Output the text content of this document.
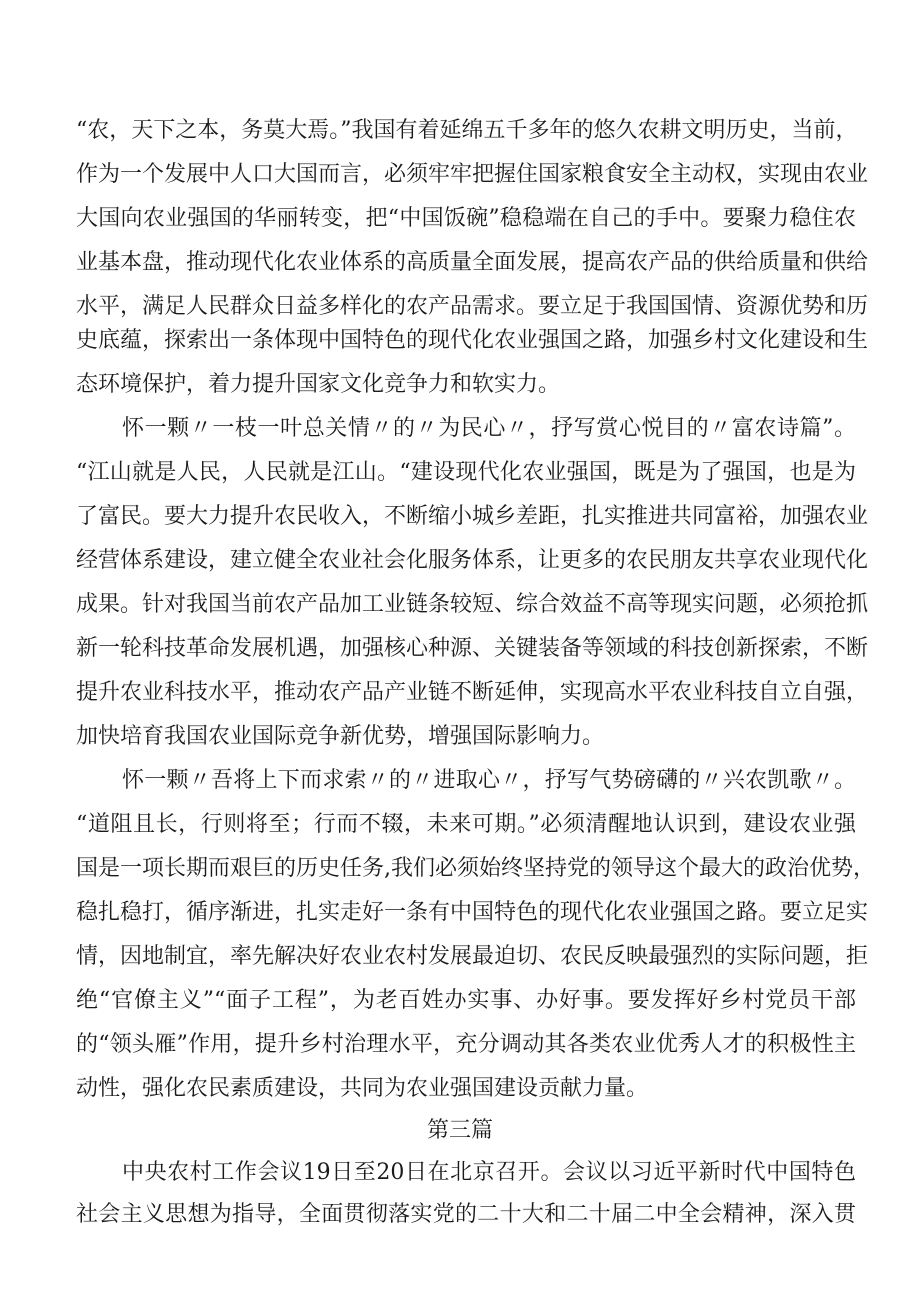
“农，天下之本，务莫大焉。”我国有着延绵五千多年的悠久农耕文明历史，当前，
作为一个发展中人口大国而言，必须牢牢把握住国家粮食安全主动权，实现由农业
大国向农业强国的华丽转变，把“中国饭碗”稳稳端在自己的手中。要聚力稳住农
业基本盘，推动现代化农业体系的高质量全面发展，提高农产品的供给质量和供给
水平，满足人民群众日益多样化的农产品需求。要立足于我国国情、资源优势和历
史底蕴，探索出一条体现中国特色的现代化农业强国之路，加强乡村文化建设和生
态环境保护，着力提升国家文化竞争力和软实力。
怀一颗〃一枝一叶总关情〃的〃为民心〃，抒写赏心悦目的〃富农诗篇”。
“江山就是人民，人民就是江山。“建设现代化农业强国，既是为了强国，也是为
了富民。要大力提升农民收入，不断缩小城乡差距，扎实推进共同富裕，加强农业
经营体系建设，建立健全农业社会化服务体系，让更多的农民朋友共享农业现代化
成果。针对我国当前农产品加工业链条较短、综合效益不高等现实问题，必须抢抓
新一轮科技革命发展机遇，加强核心种源、关键装备等领域的科技创新探索，不断
提升农业科技水平，推动农产品产业链不断延伸，实现高水平农业科技自立自强，
加快培育我国农业国际竞争新优势，增强国际影响力。
怀一颗〃吾将上下而求索〃的〃进取心〃，抒写气势磅礴的〃兴农凯歌〃。
“道阻且长，行则将至；行而不辍，未来可期。”必须清醒地认识到，建设农业强
国是一项长期而艰巨的历史任务,我们必须始终坚持党的领导这个最大的政治优势，
稳扎稳打，循序渐进，扎实走好一条有中国特色的现代化农业强国之路。要立足实
情，因地制宜，率先解决好农业农村发展最迫切、农民反映最强烈的实际问题，拒
绝“官僚主义”“面子工程”，为老百姓办实事、办好事。要发挥好乡村党员干部
的“领头雁”作用，提升乡村治理水平，充分调动其各类农业优秀人才的积极性主
动性，强化农民素质建设，共同为农业强国建设贡献力量。
第三篇
中央农村工作会议19日至20日在北京召开。会议以习近平新时代中国特色
社会主义思想为指导，全面贯彻落实党的二十大和二十届二中全会精神，深入贯
